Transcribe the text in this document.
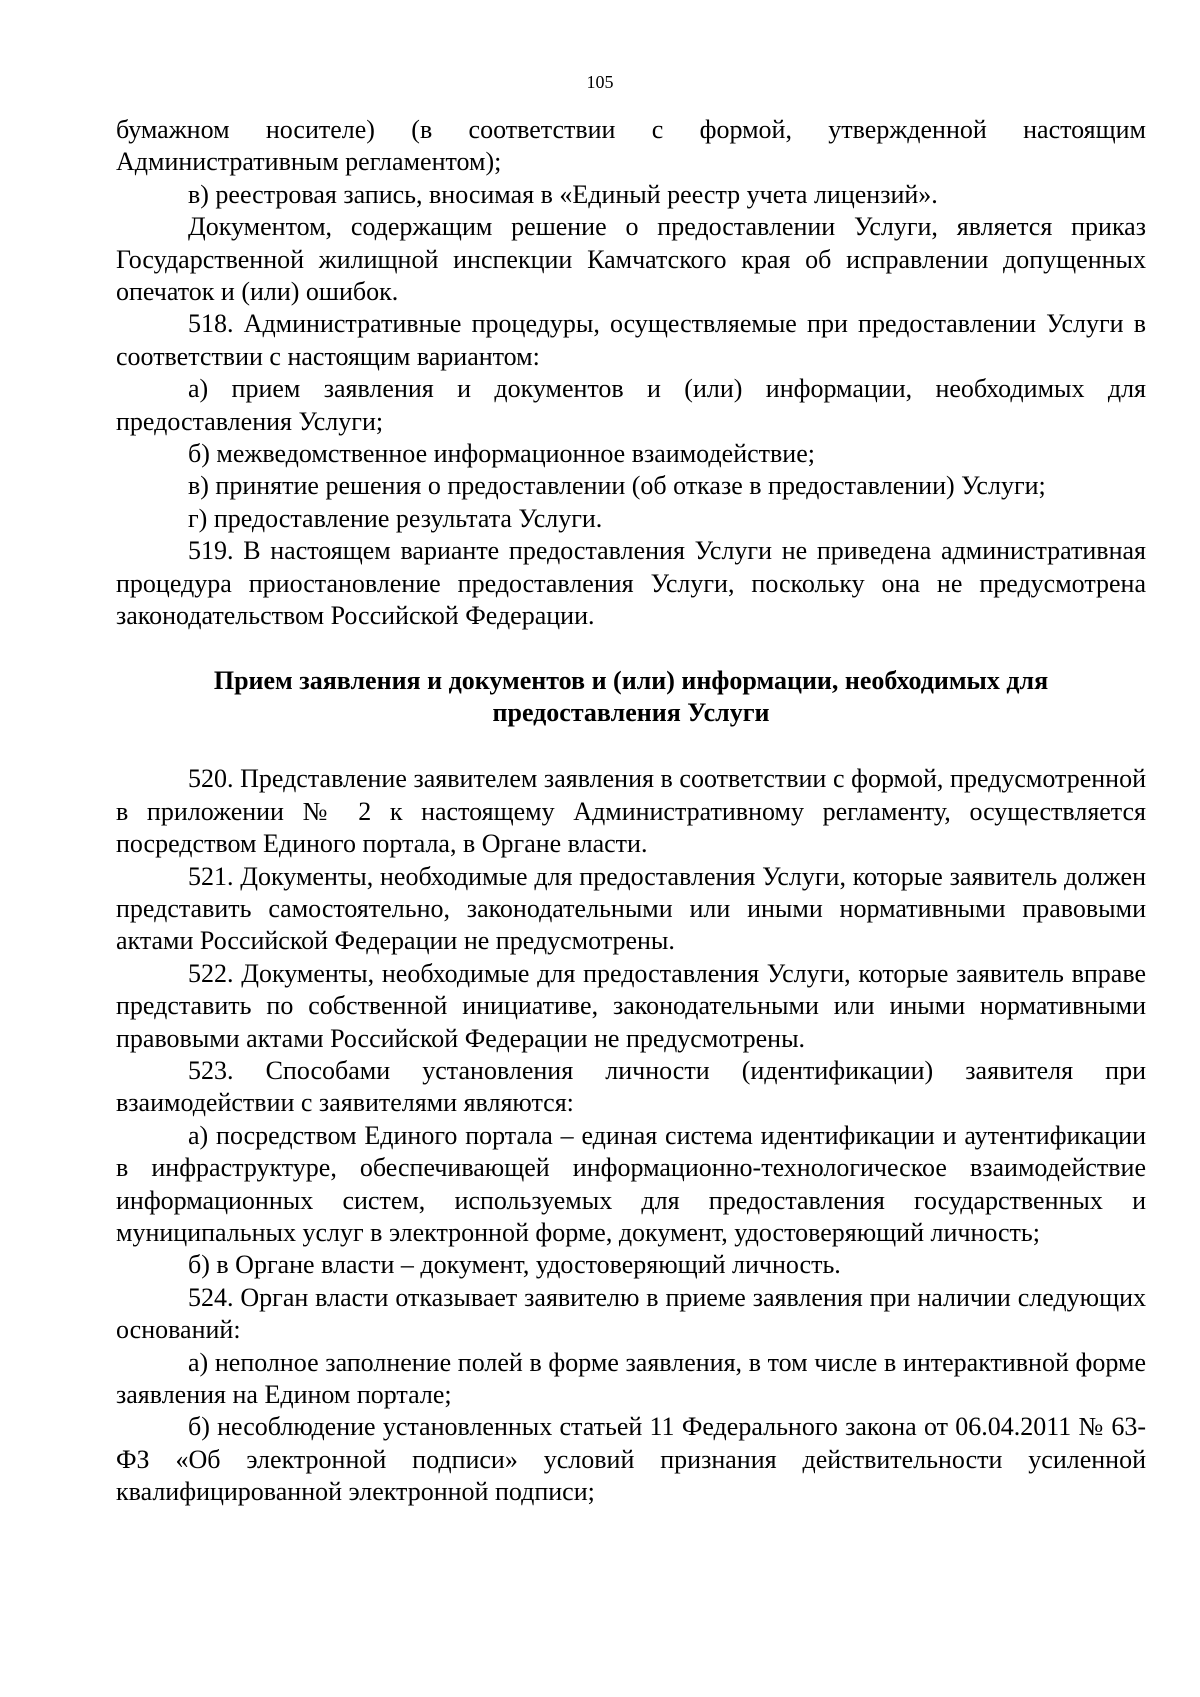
105

бумажном носителе) (в соответствии с формой, утвержденной настоящим Административным регламентом);

в) реестровая запись, вносимая в «Единый реестр учета лицензий».

Документом, содержащим решение о предоставлении Услуги, является приказ Государственной жилищной инспекции Камчатского края об исправлении допущенных опечаток и (или) ошибок.

518. Административные процедуры, осуществляемые при предоставлении Услуги в соответствии с настоящим вариантом:

а) прием заявления и документов и (или) информации, необходимых для предоставления Услуги;

б) межведомственное информационное взаимодействие;

в) принятие решения о предоставлении (об отказе в предоставлении) Услуги;

г) предоставление результата Услуги.

519. В настоящем варианте предоставления Услуги не приведена административная процедура приостановление предоставления Услуги, поскольку она не предусмотрена законодательством Российской Федерации.

Прием заявления и документов и (или) информации, необходимых для
предоставления Услуги

520. Представление заявителем заявления в соответствии с формой, предусмотренной в приложении № 2 к настоящему Административному регламенту, осуществляется посредством Единого портала, в Органе власти.

521. Документы, необходимые для предоставления Услуги, которые заявитель должен представить самостоятельно, законодательными или иными нормативными правовыми актами Российской Федерации не предусмотрены.

522. Документы, необходимые для предоставления Услуги, которые заявитель вправе представить по собственной инициативе, законодательными или иными нормативными правовыми актами Российской Федерации не предусмотрены.

523. Способами установления личности (идентификации) заявителя при взаимодействии с заявителями являются:

а) посредством Единого портала – единая система идентификации и аутентификации в инфраструктуре, обеспечивающей информационно-технологическое взаимодействие информационных систем, используемых для предоставления государственных и муниципальных услуг в электронной форме, документ, удостоверяющий личность;

б) в Органе власти – документ, удостоверяющий личность.

524. Орган власти отказывает заявителю в приеме заявления при наличии следующих оснований:

а) неполное заполнение полей в форме заявления, в том числе в интерактивной форме заявления на Едином портале;

б) несоблюдение установленных статьей 11 Федерального закона от 06.04.2011 № 63-ФЗ «Об электронной подписи» условий признания действительности усиленной квалифицированной электронной подписи;
